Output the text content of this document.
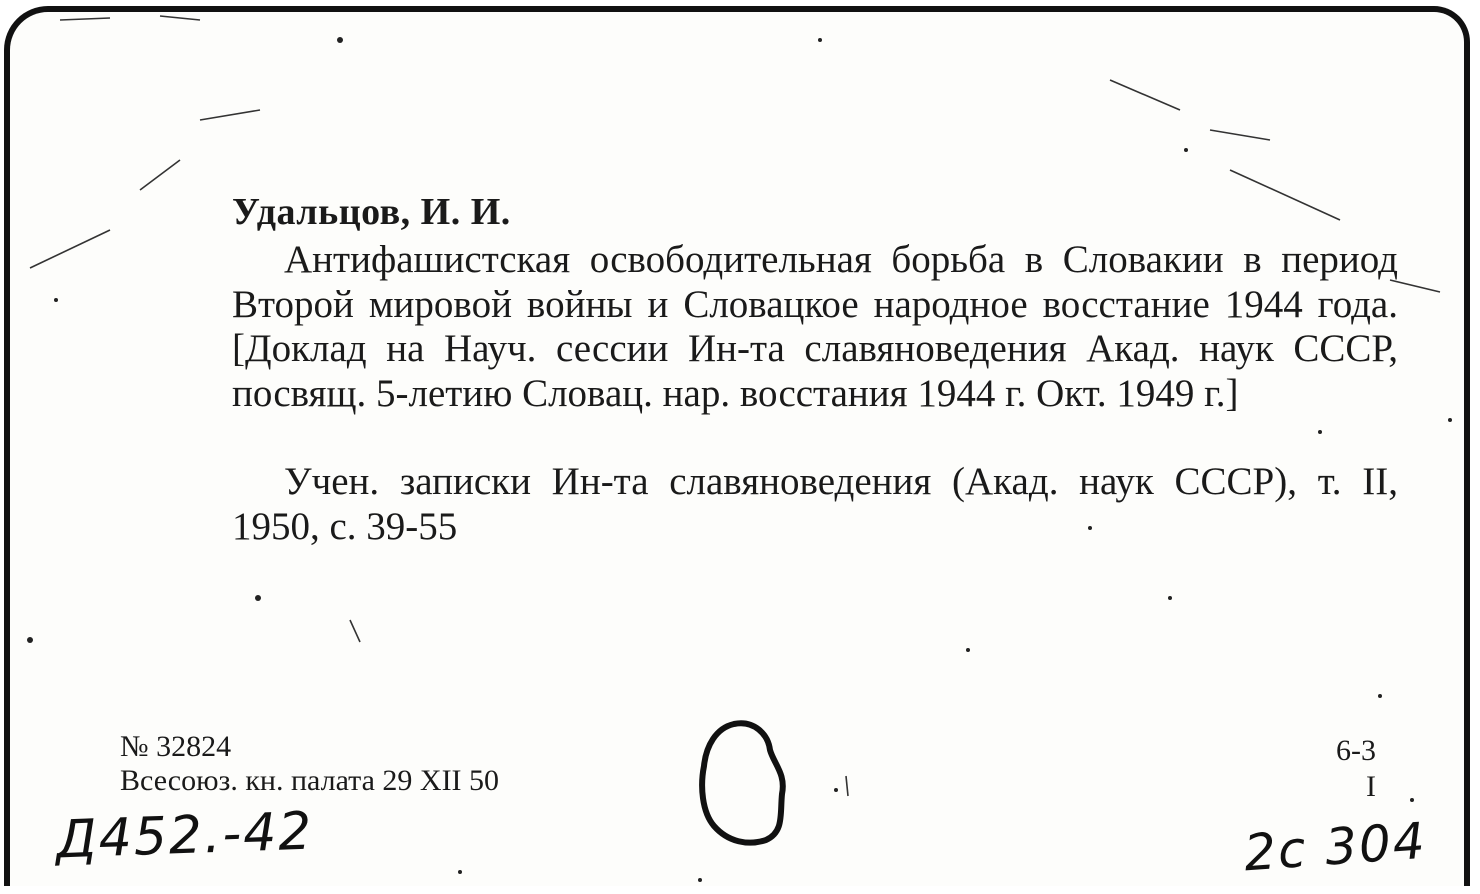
Удальцов, И. И.

Антифашистская освободительная борьба в Словакии в период Второй мировой войны и Словацкое народное восстание 1944 года. [Доклад на Науч. сессии Ин-та славяноведения Акад. наук СССР, посвящ. 5-летию Словац. нар. восстания 1944 г. Окт. 1949 г.]

Учен. записки Ин-та славяноведения (Акад. наук СССР), т. II, 1950, с. 39-55

№ 32824
Всесоюз. кн. палата 29 XII 50
6-3
I
Д452.-42	2с 304
